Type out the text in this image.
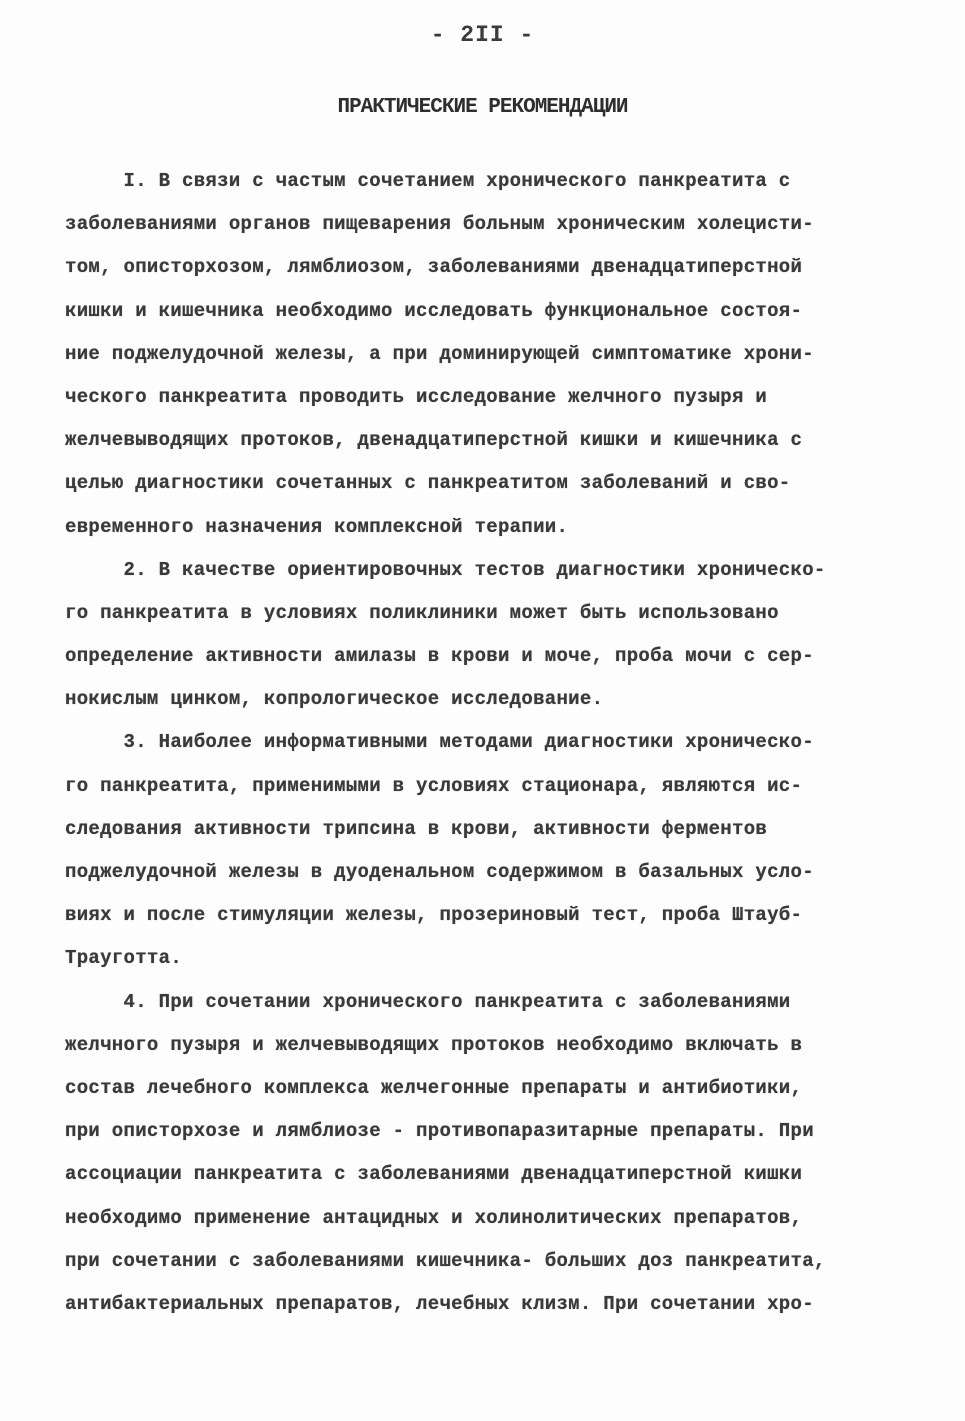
- 2II -
ПРАКТИЧЕСКИЕ РЕКОМЕНДАЦИИ
I. В связи с частым сочетанием хронического панкреатита с
заболеваниями органов пищеварения больным хроническим холецисти-
том, описторхозом, лямблиозом, заболеваниями двенадцатиперстной
кишки и кишечника необходимо исследовать функциональное состоя-
ние поджелудочной железы, а при доминирующей симптоматике хрони-
ческого панкреатита проводить исследование желчного пузыря и
желчевыводящих протоков, двенадцатиперстной кишки и кишечника с
целью диагностики сочетанных с панкреатитом заболеваний и сво-
евременного назначения комплексной терапии.
2. В качестве ориентировочных тестов диагностики хроническо-
го панкреатита в условиях поликлиники может быть использовано
определение активности амилазы в крови и моче, проба мочи с сер-
нокислым цинком, копрологическое исследование.
3. Наиболее информативными методами диагностики хроническо-
го панкреатита, применимыми в условиях стационара, являются ис-
следования активности трипсина в крови, активности ферментов
поджелудочной железы в дуоденальном содержимом в базальных усло-
виях и после стимуляции железы, прозериновый тест, проба Штауб-
Трауготта.
4. При сочетании хронического панкреатита с заболеваниями
желчного пузыря и желчевыводящих протоков необходимо включать в
состав лечебного комплекса желчегонные препараты и антибиотики,
при описторхозе и лямблиозе - противопаразитарные препараты. При
ассоциации панкреатита с заболеваниями двенадцатиперстной кишки
необходимо применение антацидных и холинолитических препаратов,
при сочетании с заболеваниями кишечника- больших доз панкреатита,
антибактериальных препаратов, лечебных клизм. При сочетании хро-
